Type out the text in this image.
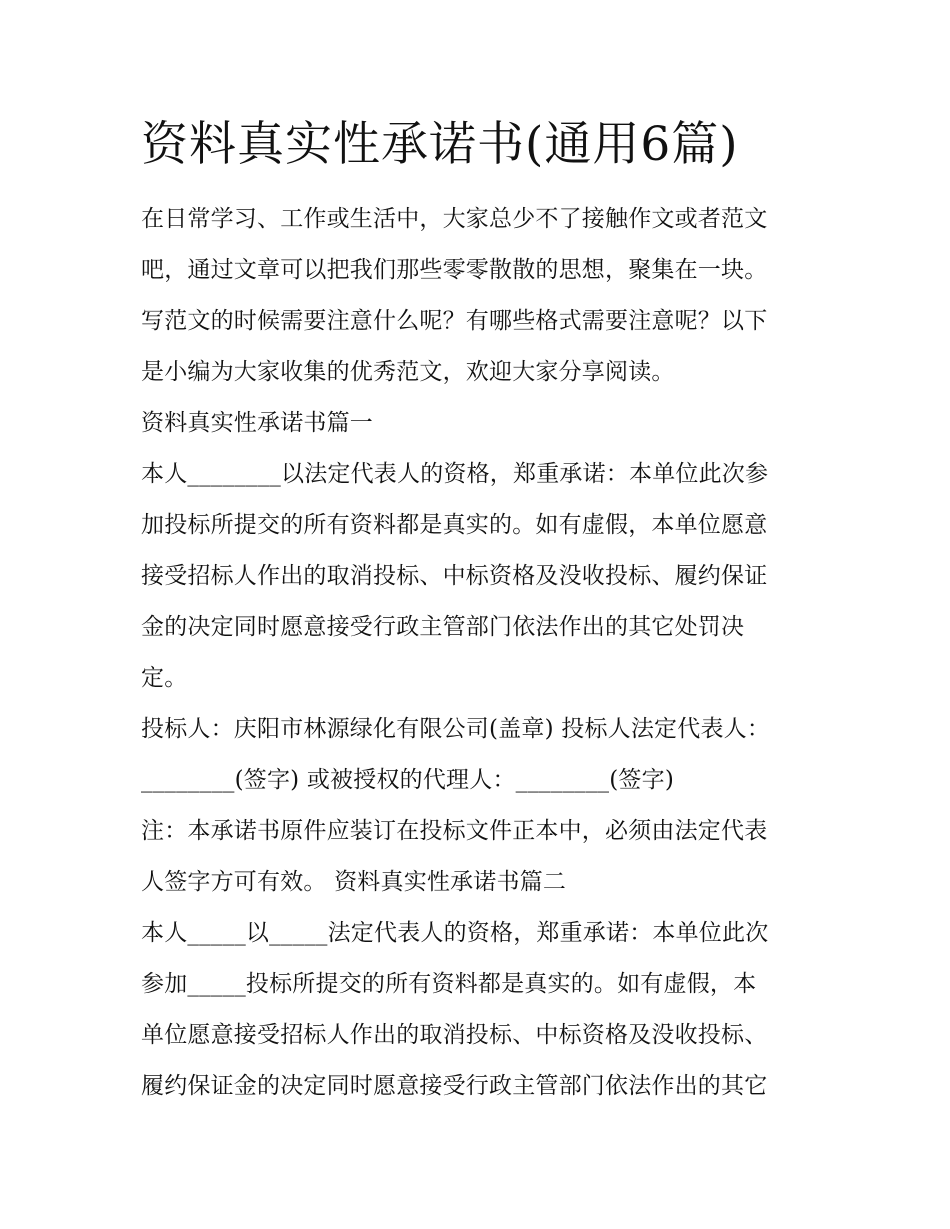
资料真实性承诺书(通用6篇)
在日常学习、工作或生活中，大家总少不了接触作文或者范文
吧，通过文章可以把我们那些零零散散的思想，聚集在一块。
写范文的时候需要注意什么呢？有哪些格式需要注意呢？以下
是小编为大家收集的优秀范文，欢迎大家分享阅读。
资料真实性承诺书篇一
本人________以法定代表人的资格，郑重承诺：本单位此次参
加投标所提交的所有资料都是真实的。如有虚假，本单位愿意
接受招标人作出的取消投标、中标资格及没收投标、履约保证
金的决定同时愿意接受行政主管部门依法作出的其它处罚决
定。
投标人：庆阳市林源绿化有限公司(盖章) 投标人法定代表人：
________(签字) 或被授权的代理人：________(签字)
注：本承诺书原件应装订在投标文件正本中，必须由法定代表
人签字方可有效。 资料真实性承诺书篇二
本人_____以_____法定代表人的资格，郑重承诺：本单位此次
参加_____投标所提交的所有资料都是真实的。如有虚假，本
单位愿意接受招标人作出的取消投标、中标资格及没收投标、
履约保证金的决定同时愿意接受行政主管部门依法作出的其它
